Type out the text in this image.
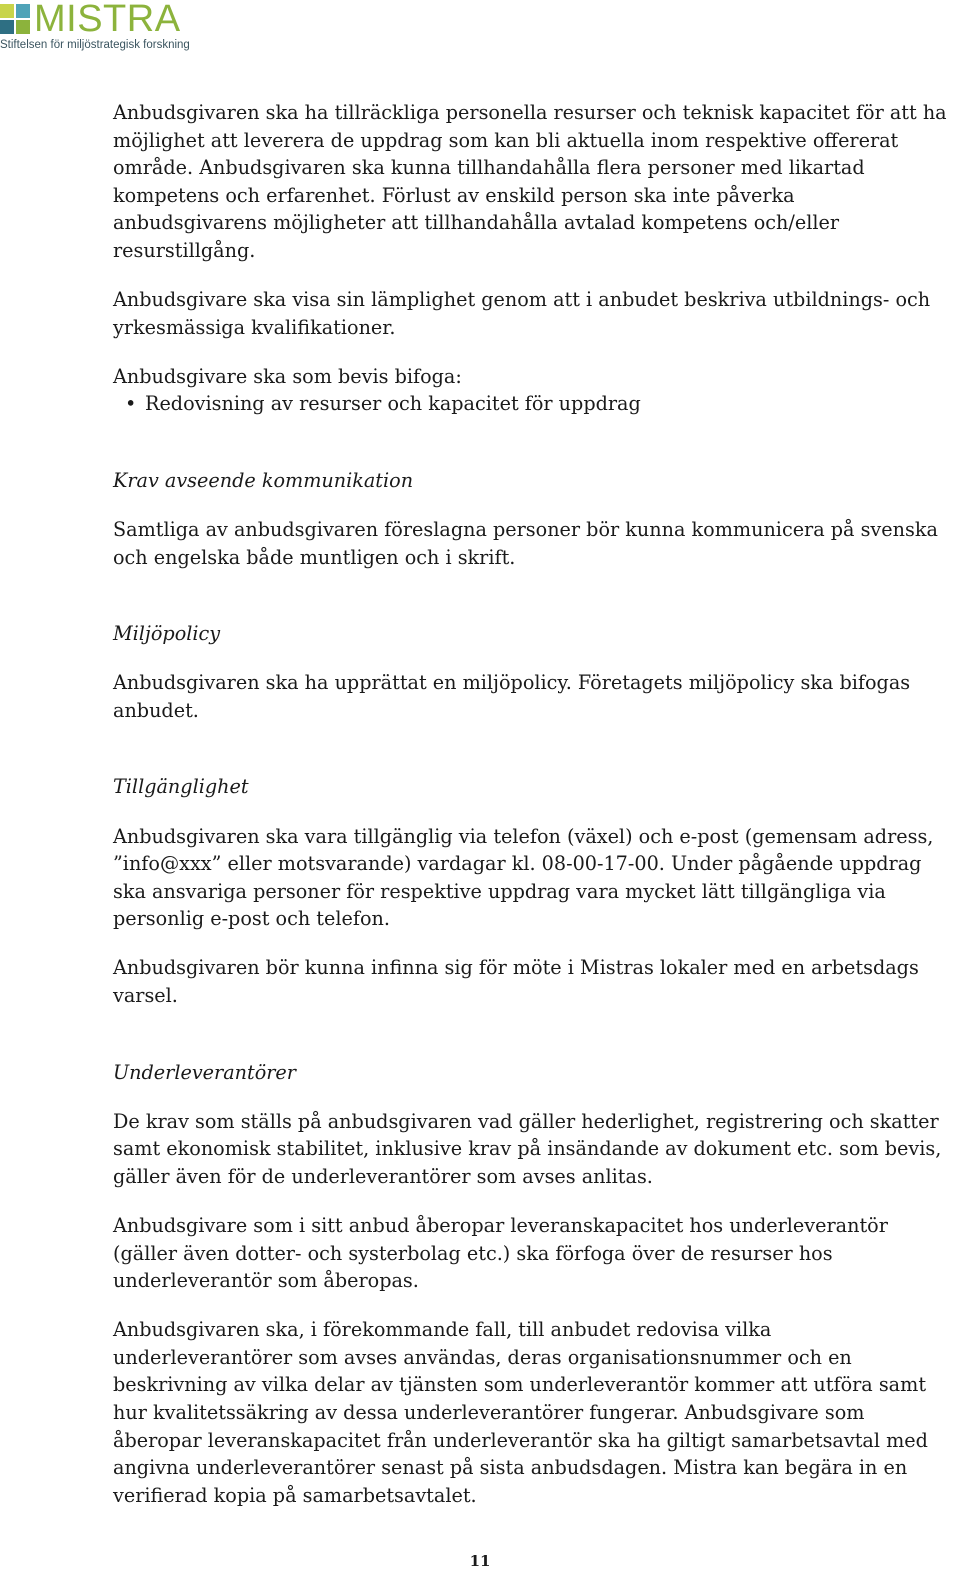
MISTRA
Stiftelsen för miljöstrategisk forskning

Anbudsgivaren ska ha tillräckliga personella resurser och teknisk kapacitet för att ha möjlighet att leverera de uppdrag som kan bli aktuella inom respektive offererat område. Anbudsgivaren ska kunna tillhandahålla flera personer med likartad kompetens och erfarenhet. Förlust av enskild person ska inte påverka anbudsgivarens möjligheter att tillhandahålla avtalad kompetens och/eller resurstillgång.

Anbudsgivare ska visa sin lämplighet genom att i anbudet beskriva utbildnings- och yrkesmässiga kvalifikationer.

Anbudsgivare ska som bevis bifoga:

• Redovisning av resurser och kapacitet för uppdrag

Krav avseende kommunikation

Samtliga av anbudsgivaren föreslagna personer bör kunna kommunicera på svenska och engelska både muntligen och i skrift.

Miljöpolicy

Anbudsgivaren ska ha upprättat en miljöpolicy. Företagets miljöpolicy ska bifogas anbudet.

Tillgänglighet

Anbudsgivaren ska vara tillgänglig via telefon (växel) och e-post (gemensam adress, ”info@xxx” eller motsvarande) vardagar kl. 08-00-17-00. Under pågående uppdrag ska ansvariga personer för respektive uppdrag vara mycket lätt tillgängliga via personlig e-post och telefon.

Anbudsgivaren bör kunna infinna sig för möte i Mistras lokaler med en arbetsdags varsel.

Underleverantörer

De krav som ställs på anbudsgivaren vad gäller hederlighet, registrering och skatter samt ekonomisk stabilitet, inklusive krav på insändande av dokument etc. som bevis, gäller även för de underleverantörer som avses anlitas.

Anbudsgivare som i sitt anbud åberopar leveranskapacitet hos underleverantör (gäller även dotter- och systerbolag etc.) ska förfoga över de resurser hos underleverantör som åberopas.

Anbudsgivaren ska, i förekommande fall, till anbudet redovisa vilka underleverantörer som avses användas, deras organisationsnummer och en beskrivning av vilka delar av tjänsten som underleverantör kommer att utföra samt hur kvalitetssäkring av dessa underleverantörer fungerar. Anbudsgivare som åberopar leveranskapacitet från underleverantör ska ha giltigt samarbetsavtal med angivna underleverantörer senast på sista anbudsdagen. Mistra kan begära in en verifierad kopia på samarbetsavtalet.

11
